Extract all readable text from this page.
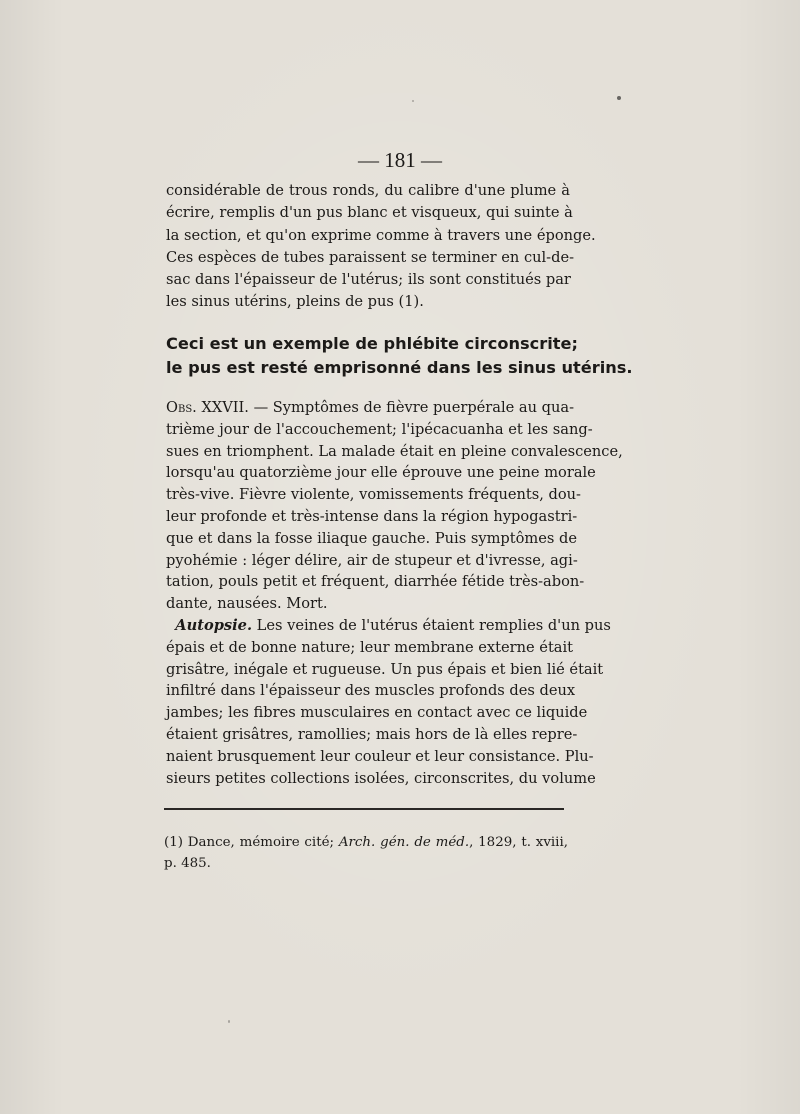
— 181 —
considérable de trous ronds, du calibre d'une plume à
écrire, remplis d'un pus blanc et visqueux, qui suinte à
la section, et qu'on exprime comme à travers une éponge.
Ces espèces de tubes paraissent se terminer en cul-de-
sac dans l'épaisseur de l'utérus; ils sont constitués par
les sinus utérins, pleins de pus (1).
Ceci est un exemple de phlébite circonscrite;
le pus est resté emprisonné dans les sinus utérins.
Obs. XXVII. — Symptômes de fièvre puerpérale au qua-
trième jour de l'accouchement; l'ipécacuanha et les sang-
sues en triomphent. La malade était en pleine convalescence,
lorsqu'au quatorzième jour elle éprouve une peine morale
très-vive. Fièvre violente, vomissements fréquents, dou-
leur profonde et très-intense dans la région hypogastri-
que et dans la fosse iliaque gauche. Puis symptômes de
pyohémie : léger délire, air de stupeur et d'ivresse, agi-
tation, pouls petit et fréquent, diarrhée fétide très-abon-
dante, nausées. Mort.
Autopsie. Les veines de l'utérus étaient remplies d'un pus
épais et de bonne nature; leur membrane externe était
grisâtre, inégale et rugueuse. Un pus épais et bien lié était
infiltré dans l'épaisseur des muscles profonds des deux
jambes; les fibres musculaires en contact avec ce liquide
étaient grisâtres, ramollies; mais hors de là elles repre-
naient brusquement leur couleur et leur consistance. Plu-
sieurs petites collections isolées, circonscrites, du volume
(1) Dance, mémoire cité; Arch. gén. de méd., 1829, t. xviii,
p. 485.
